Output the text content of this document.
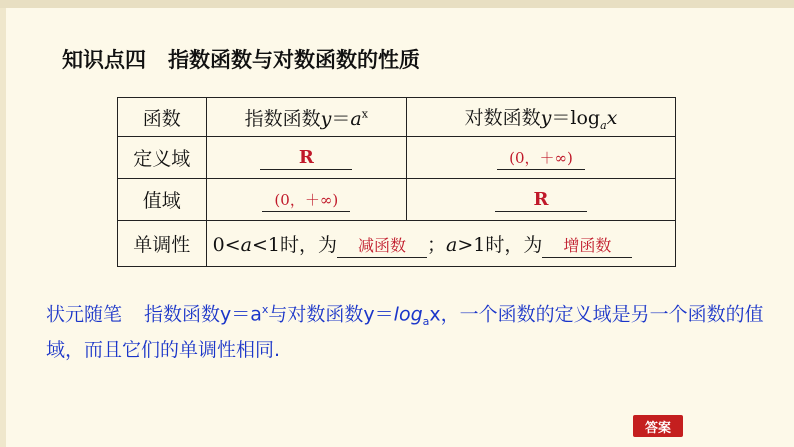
知识点四 指数函数与对数函数的性质
函数	指数函数$y=a^x$	对数函数$y=\log_ax$
定义域	R	(0，＋∞)
值域	(0，＋∞)	R
单调性	0<a<1时，为 减函数 ；a>1时，为 增函数	
状元随笔 指数函数$y=a^x$与对数函数$y=\log_ax$，一个函数的定义域是另一个函数的值域，而且它们的单调性相同.
答案
